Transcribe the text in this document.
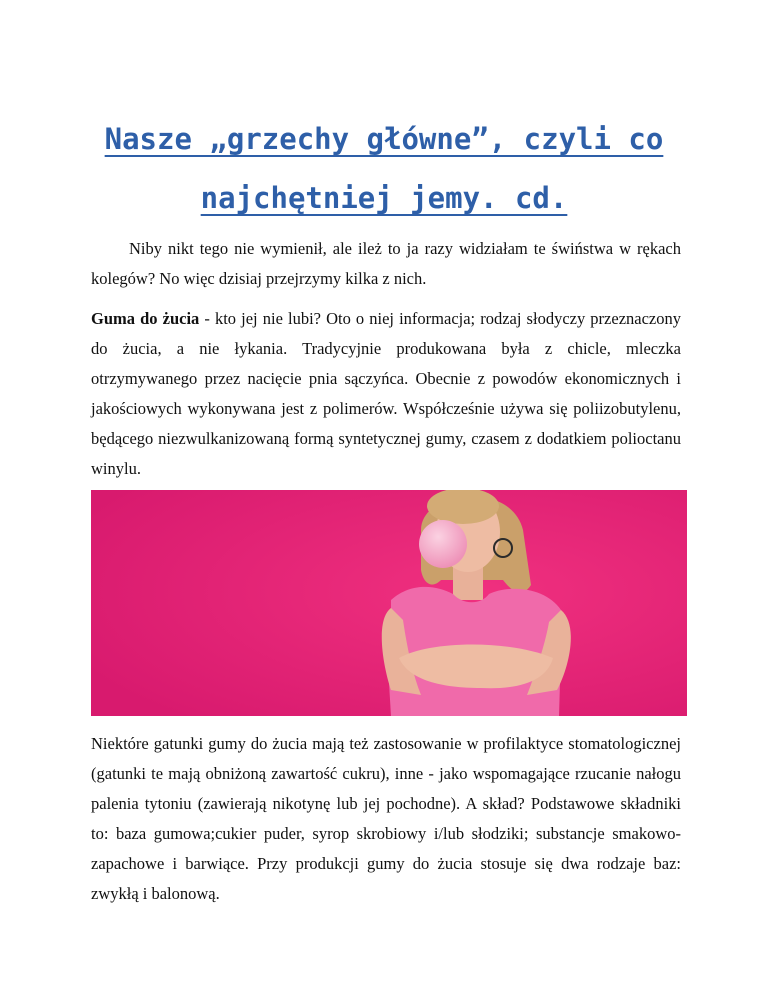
Nasze „grzechy główne”, czyli co
najchętniej jemy. cd.

Niby nikt tego nie wymienił, ale ileż to ja razy widziałam te świństwa w rękach kolegów? No więc dzisiaj przejrzymy kilka z nich.

Guma do żucia - kto jej nie lubi? Oto o niej informacja; rodzaj słodyczy przeznaczony do żucia, a nie łykania. Tradycyjnie produkowana była z chicle, mleczka otrzymywanego przez nacięcie pnia sączyńca. Obecnie z powodów ekonomicznych i jakościowych wykonywana jest z polimerów. Współcześnie używa się poliizobutylenu, będącego niezwulkanizowaną formą syntetycznej gumy, czasem z dodatkiem polioctanu winylu.

Niektóre gatunki gumy do żucia mają też zastosowanie w profilaktyce stomatologicznej (gatunki te mają obniżoną zawartość cukru), inne - jako wspomagające rzucanie nałogu palenia tytoniu (zawierają nikotynę lub jej pochodne). A skład? Podstawowe składniki to: baza gumowa;cukier puder, syrop skrobiowy i/lub słodziki; substancje smakowo-zapachowe i barwiące. Przy produkcji gumy do żucia stosuje się dwa rodzaje baz: zwykłą i balonową.
